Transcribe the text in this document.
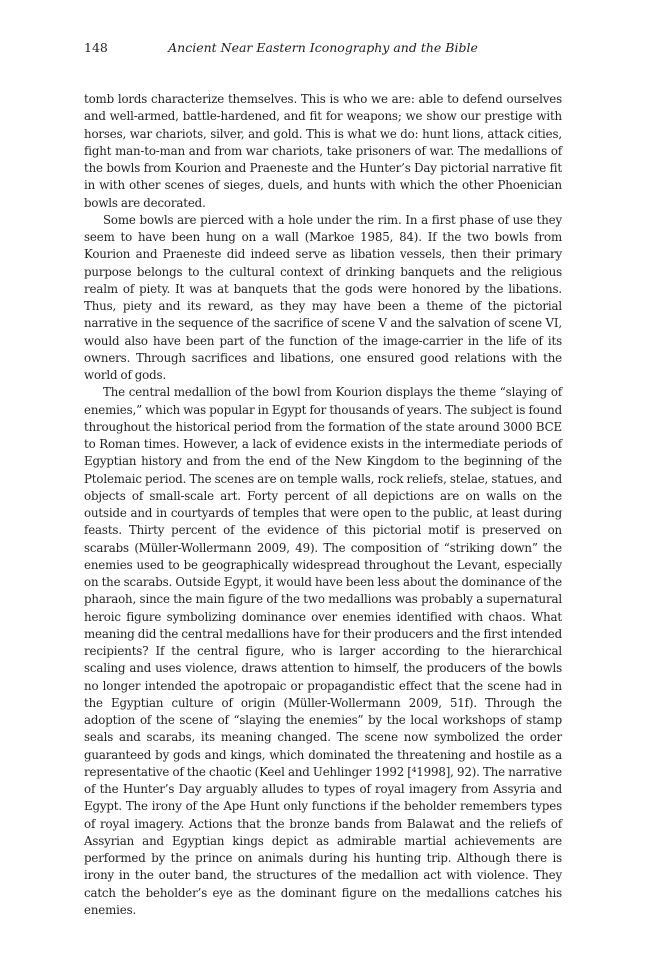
148	Ancient Near Eastern Iconography and the Bible

tomb lords characterize themselves. This is who we are: able to defend ourselves and well-armed, battle-hardened, and fit for weapons; we show our prestige with horses, war chariots, silver, and gold. This is what we do: hunt lions, attack cities, fight man-to-man and from war chariots, take prisoners of war. The medallions of the bowls from Kourion and Praeneste and the Hunter’s Day pictorial narrative fit in with other scenes of sieges, duels, and hunts with which the other Phoenician bowls are decorated.

Some bowls are pierced with a hole under the rim. In a first phase of use they seem to have been hung on a wall (Markoe 1985, 84). If the two bowls from Kourion and Praeneste did indeed serve as libation vessels, then their primary purpose belongs to the cultural context of drinking banquets and the religious realm of piety. It was at banquets that the gods were honored by the libations. Thus, piety and its reward, as they may have been a theme of the pictorial narrative in the sequence of the sacrifice of scene V and the salvation of scene VI, would also have been part of the function of the image-carrier in the life of its owners. Through sacrifices and libations, one ensured good relations with the world of gods.

The central medallion of the bowl from Kourion displays the theme “slaying of enemies,” which was popular in Egypt for thousands of years. The subject is found throughout the historical period from the formation of the state around 3000 BCE to Roman times. However, a lack of evidence exists in the intermediate periods of Egyptian history and from the end of the New Kingdom to the beginning of the Ptolemaic period. The scenes are on temple walls, rock reliefs, stelae, statues, and objects of small-scale art. Forty percent of all depictions are on walls on the outside and in courtyards of temples that were open to the public, at least during feasts. Thirty percent of the evidence of this pictorial motif is preserved on scarabs (Müller-Wollermann 2009, 49). The composition of “striking down” the enemies used to be geographically widespread throughout the Levant, especially on the scarabs. Outside Egypt, it would have been less about the dominance of the pharaoh, since the main figure of the two medallions was probably a supernatural heroic figure symbolizing dominance over enemies identified with chaos. What meaning did the central medallions have for their producers and the first intended recipients? If the central figure, who is larger according to the hierarchical scaling and uses violence, draws attention to himself, the producers of the bowls no longer intended the apotropaic or propagandistic effect that the scene had in the Egyptian culture of origin (Müller-Wollermann 2009, 51f). Through the adoption of the scene of “slaying the enemies” by the local workshops of stamp seals and scarabs, its meaning changed. The scene now symbolized the order guaranteed by gods and kings, which dominated the threatening and hostile as a representative of the chaotic (Keel and Uehlinger 1992 [⁴1998], 92). The narrative of the Hunter’s Day arguably alludes to types of royal imagery from Assyria and Egypt. The irony of the Ape Hunt only functions if the beholder remembers types of royal imagery. Actions that the bronze bands from Balawat and the reliefs of Assyrian and Egyptian kings depict as admirable martial achievements are performed by the prince on animals during his hunting trip. Although there is irony in the outer band, the structures of the medallion act with violence. They catch the beholder’s eye as the dominant figure on the medallions catches his enemies.
